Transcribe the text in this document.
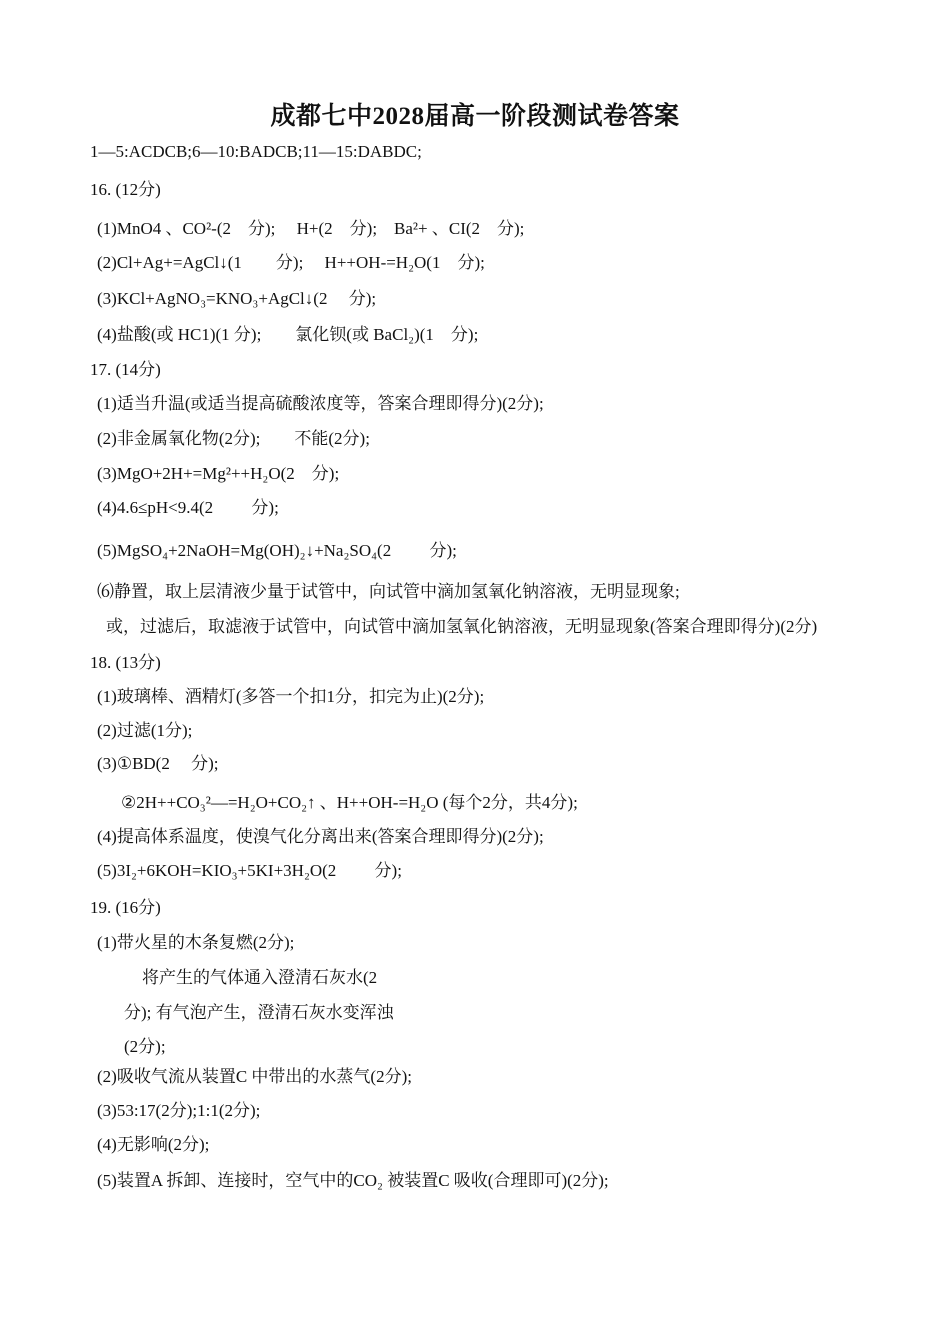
成都七中2028届高一阶段测试卷答案
1—5:ACDCB;6—10:BADCB;11—15:DABDC;
16. (12分)
(1)MnO4 、CO²-(2　分);　 H+(2　分);　Ba²+ 、CI(2　分);
(2)Cl+Ag+=AgCl↓(1　　分);　 H++OH-=H₂O(1　分);
(3)KCl+AgNO₃=KNO₃+AgCl↓(2　 分);
(4)盐酸(或 HC1)(1 分);　　氯化钡(或 BaCl₂)(1　分);
17. (14分)
(1)适当升温(或适当提高硫酸浓度等，答案合理即得分)(2分);
(2)非金属氧化物(2分);　　不能(2分);
(3)MgO+2H+=Mg²++H₂O(2　分);
(4)4.6≤pH<9.4(2　　 分);
(5)MgSO₄+2NaOH=Mg(OH)₂↓+Na₂SO₄(2　　 分);
⑹静置，取上层清液少量于试管中，向试管中滴加氢氧化钠溶液，无明显现象;
或，过滤后，取滤液于试管中，向试管中滴加氢氧化钠溶液，无明显现象(答案合理即得分)(2分)
18. (13分)
(1)玻璃棒、酒精灯(多答一个扣1分，扣完为止)(2分);
(2)过滤(1分);
(3)①BD(2　 分);
②2H++CO₃²—=H₂O+CO₂↑ 、H++OH-=H₂O (每个2分，共4分);
(4)提高体系温度，使溴气化分离出来(答案合理即得分)(2分);
(5)3I₂+6KOH=KIO₃+5KI+3H₂O(2　　 分);
19. (16分)
(1)带火星的木条复燃(2分);
将产生的气体通入澄清石灰水(2
分); 有气泡产生，澄清石灰水变浑浊
(2分);
(2)吸收气流从装置C 中带出的水蒸气(2分);
(3)53:17(2分);1:1(2分);
(4)无影响(2分);
(5)装置A 拆卸、连接时，空气中的CO₂ 被装置C 吸收(合理即可)(2分);
